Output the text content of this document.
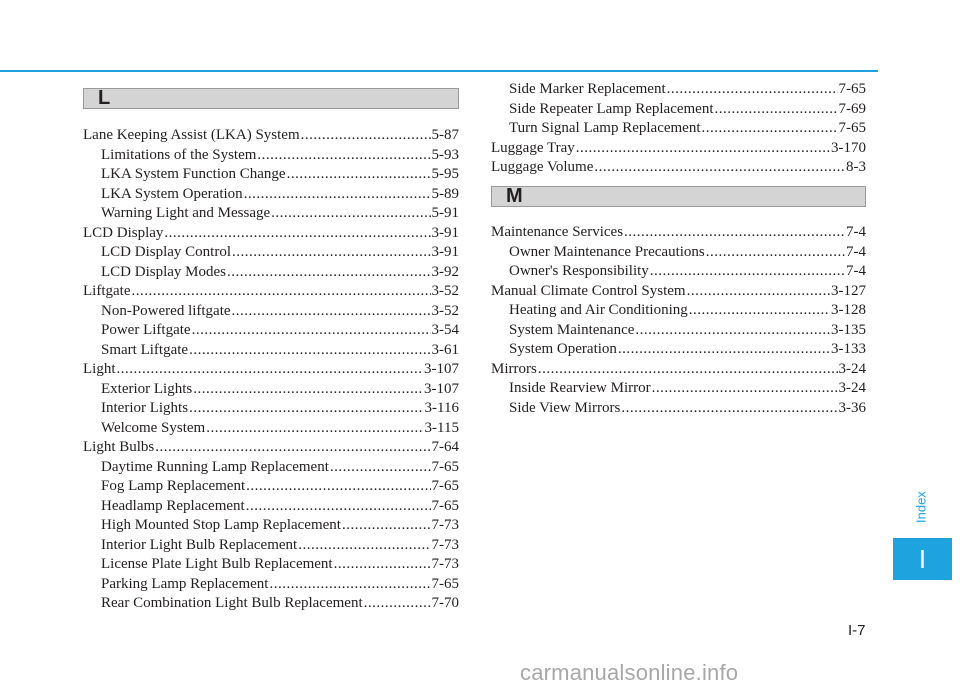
L
Lane Keeping Assist (LKA) System .....	5-87
Limitations of the System .....	5-93
LKA System Function Change .....	5-95
LKA System Operation .....	5-89
Warning Light and Message .....	5-91
LCD Display .....	3-91
LCD Display Control .....	3-91
LCD Display Modes .....	3-92
Liftgate .....	3-52
Non-Powered liftgate .....	3-52
Power Liftgate .....	3-54
Smart Liftgate .....	3-61
Light .....	3-107
Exterior Lights .....	3-107
Interior Lights .....	3-116
Welcome System .....	3-115
Light Bulbs .....	7-64
Daytime Running Lamp Replacement .....	7-65
Fog Lamp Replacement .....	7-65
Headlamp Replacement .....	7-65
High Mounted Stop Lamp Replacement .....	7-73
Interior Light Bulb Replacement .....	7-73
License Plate Light Bulb Replacement .....	7-73
Parking Lamp Replacement .....	7-65
Rear Combination Light Bulb Replacement .....	7-70
M
Side Marker Replacement .....	7-65
Side Repeater Lamp Replacement .....	7-69
Turn Signal Lamp Replacement .....	7-65
Luggage Tray .....	3-170
Luggage Volume .....	8-3
Maintenance Services .....	7-4
Owner Maintenance Precautions .....	7-4
Owner's Responsibility .....	7-4
Manual Climate Control System .....	3-127
Heating and Air Conditioning .....	3-128
System Maintenance .....	3-135
System Operation .....	3-133
Mirrors .....	3-24
Inside Rearview Mirror .....	3-24
Side View Mirrors .....	3-36
Index
I
I-7
carmanualsonline.info
